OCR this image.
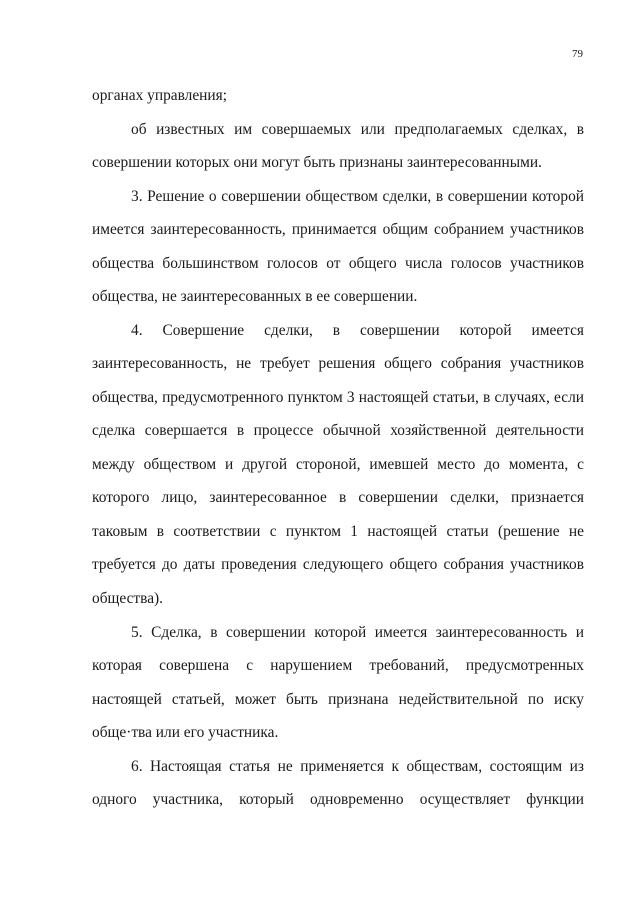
79
органах управления;
об известных им совершаемых или предполагаемых сделках, в
совершении которых они могут быть признаны заинтересованными.
3. Решение о совершении обществом сделки, в совершении которой
имеется заинтересованность, принимается общим собранием участников
общества большинством голосов от общего числа голосов участников
общества, не заинтересованных в ее совершении.
4. Совершение сделки, в совершении которой имеется
заинтересованность, не требует решения общего собрания участников
общества, предусмотренного пунктом 3 настоящей статьи, в случаях, если
сделка совершается в процессе обычной хозяйственной деятельности
между обществом и другой стороной, имевшей место до момента, с
которого лицо, заинтересованное в совершении сделки, признается
таковым в соответствии с пунктом 1 настоящей статьи (решение не
требуется до даты проведения следующего общего собрания участников
общества).
5. Сделка, в совершении которой имеется заинтересованность и
которая совершена с нарушением требований, предусмотренных
настоящей статьей, может быть признана недействительной по иску
обще·тва или его участника.
6. Настоящая статья не применяется к обществам, состоящим из
одного участника, который одновременно осуществляет функции
